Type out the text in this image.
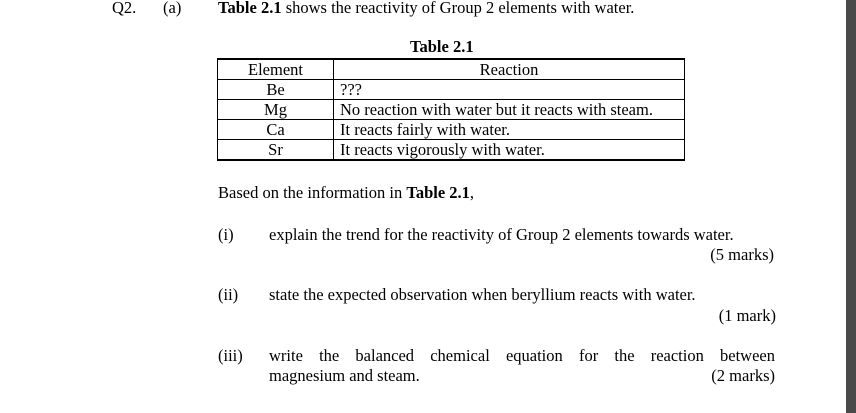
Q2. (a) Table 2.1 shows the reactivity of Group 2 elements with water.
Table 2.1
Element	Reaction
Be	???
Mg	No reaction with water but it reacts with steam.
Ca	It reacts fairly with water.
Sr	It reacts vigorously with water.
Based on the information in Table 2.1,
(i) explain the trend for the reactivity of Group 2 elements towards water.
(5 marks)
(ii) state the expected observation when beryllium reacts with water.
(1 mark)
(iii) write the balanced chemical equation for the reaction between
magnesium and steam.	(2 marks)
